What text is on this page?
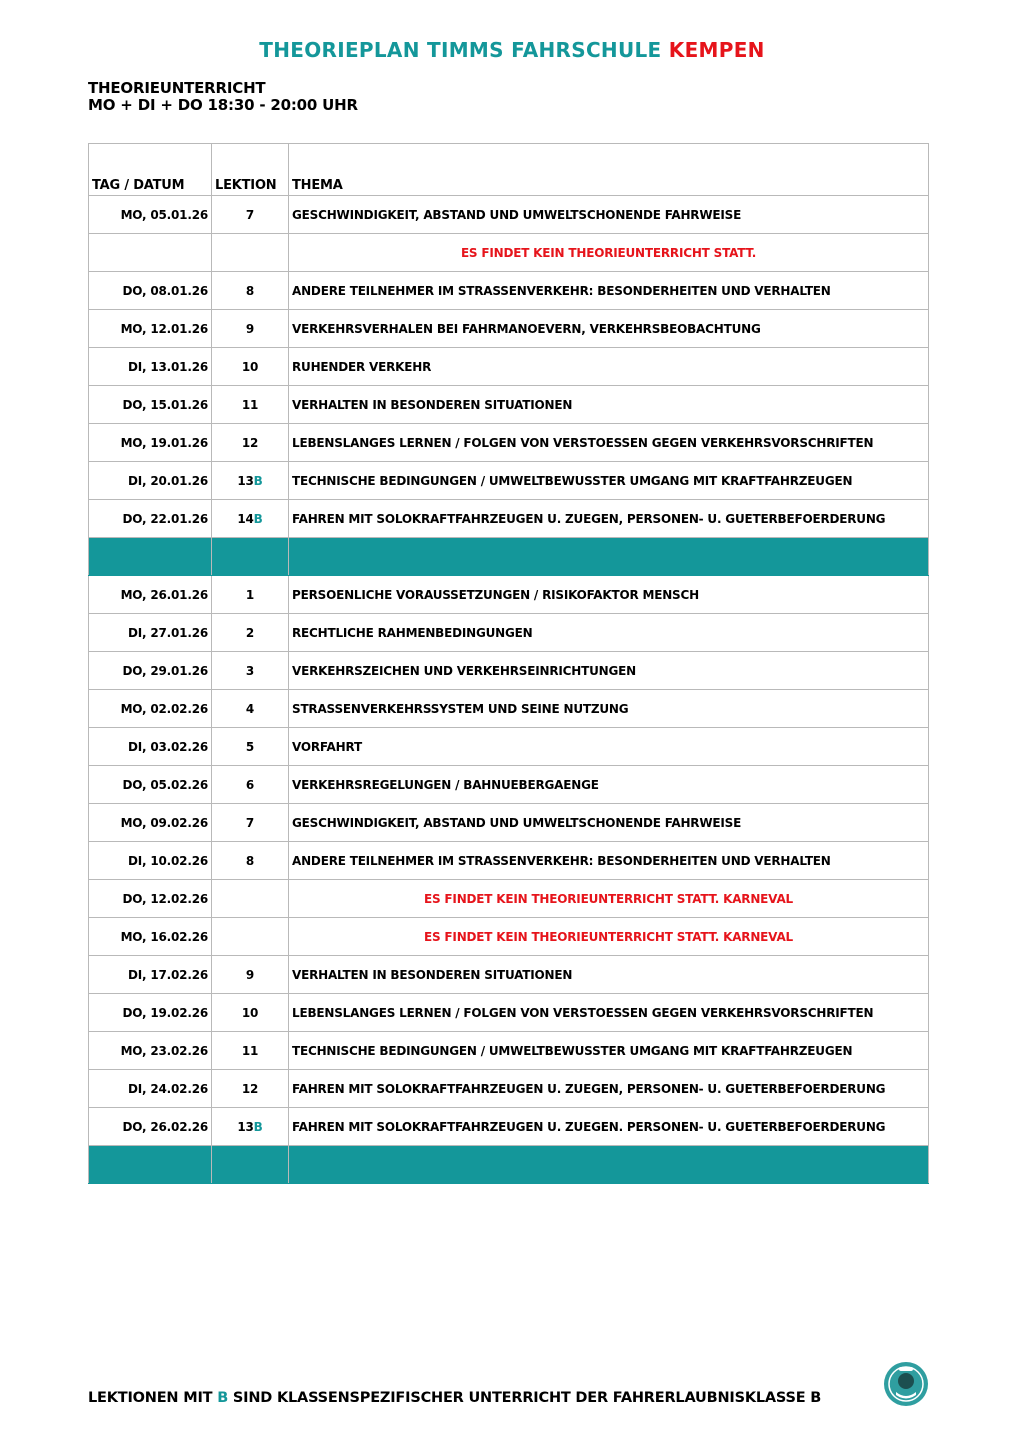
THEORIEPLAN TIMMS FAHRSCHULE KEMPEN
THEORIEUNTERRICHT
MO + DI + DO 18:30 - 20:00 UHR
TAG / DATUM	LEKTION	THEMA
MO, 05.01.26	7	GESCHWINDIGKEIT, ABSTAND UND UMWELTSCHONENDE FAHRWEISE
		ES FINDET KEIN THEORIEUNTERRICHT STATT.
DO, 08.01.26	8	ANDERE TEILNEHMER IM STRASSENVERKEHR: BESONDERHEITEN UND VERHALTEN
MO, 12.01.26	9	VERKEHRSVERHALEN BEI FAHRMANOEVERN, VERKEHRSBEOBACHTUNG
DI, 13.01.26	10	RUHENDER VERKEHR
DO, 15.01.26	11	VERHALTEN IN BESONDEREN SITUATIONEN
MO, 19.01.26	12	LEBENSLANGES LERNEN / FOLGEN VON VERSTOESSEN GEGEN VERKEHRSVORSCHRIFTEN
DI, 20.01.26	13B	TECHNISCHE BEDINGUNGEN / UMWELTBEWUSSTER UMGANG MIT KRAFTFAHRZEUGEN
DO, 22.01.26	14B	FAHREN MIT SOLOKRAFTFAHRZEUGEN U. ZUEGEN, PERSONEN- U. GUETERBEFOERDERUNG

MO, 26.01.26	1	PERSOENLICHE VORAUSSETZUNGEN / RISIKOFAKTOR MENSCH
DI, 27.01.26	2	RECHTLICHE RAHMENBEDINGUNGEN
DO, 29.01.26	3	VERKEHRSZEICHEN UND VERKEHRSEINRICHTUNGEN
MO, 02.02.26	4	STRASSENVERKEHRSSYSTEM UND SEINE NUTZUNG
DI, 03.02.26	5	VORFAHRT
DO, 05.02.26	6	VERKEHRSREGELUNGEN / BAHNUEBERGAENGE
MO, 09.02.26	7	GESCHWINDIGKEIT, ABSTAND UND UMWELTSCHONENDE FAHRWEISE
DI, 10.02.26	8	ANDERE TEILNEHMER IM STRASSENVERKEHR: BESONDERHEITEN UND VERHALTEN
DO, 12.02.26		ES FINDET KEIN THEORIEUNTERRICHT STATT. KARNEVAL
MO, 16.02.26		ES FINDET KEIN THEORIEUNTERRICHT STATT. KARNEVAL
DI, 17.02.26	9	VERHALTEN IN BESONDEREN SITUATIONEN
DO, 19.02.26	10	LEBENSLANGES LERNEN / FOLGEN VON VERSTOESSEN GEGEN VERKEHRSVORSCHRIFTEN
MO, 23.02.26	11	TECHNISCHE BEDINGUNGEN / UMWELTBEWUSSTER UMGANG MIT KRAFTFAHRZEUGEN
DI, 24.02.26	12	FAHREN MIT SOLOKRAFTFAHRZEUGEN U. ZUEGEN, PERSONEN- U. GUETERBEFOERDERUNG
DO, 26.02.26	13B	FAHREN MIT SOLOKRAFTFAHRZEUGEN U. ZUEGEN. PERSONEN- U. GUETERBEFOERDERUNG

LEKTIONEN MIT B SIND KLASSENSPEZIFISCHER UNTERRICHT DER FAHRERLAUBNISKLASSE B
